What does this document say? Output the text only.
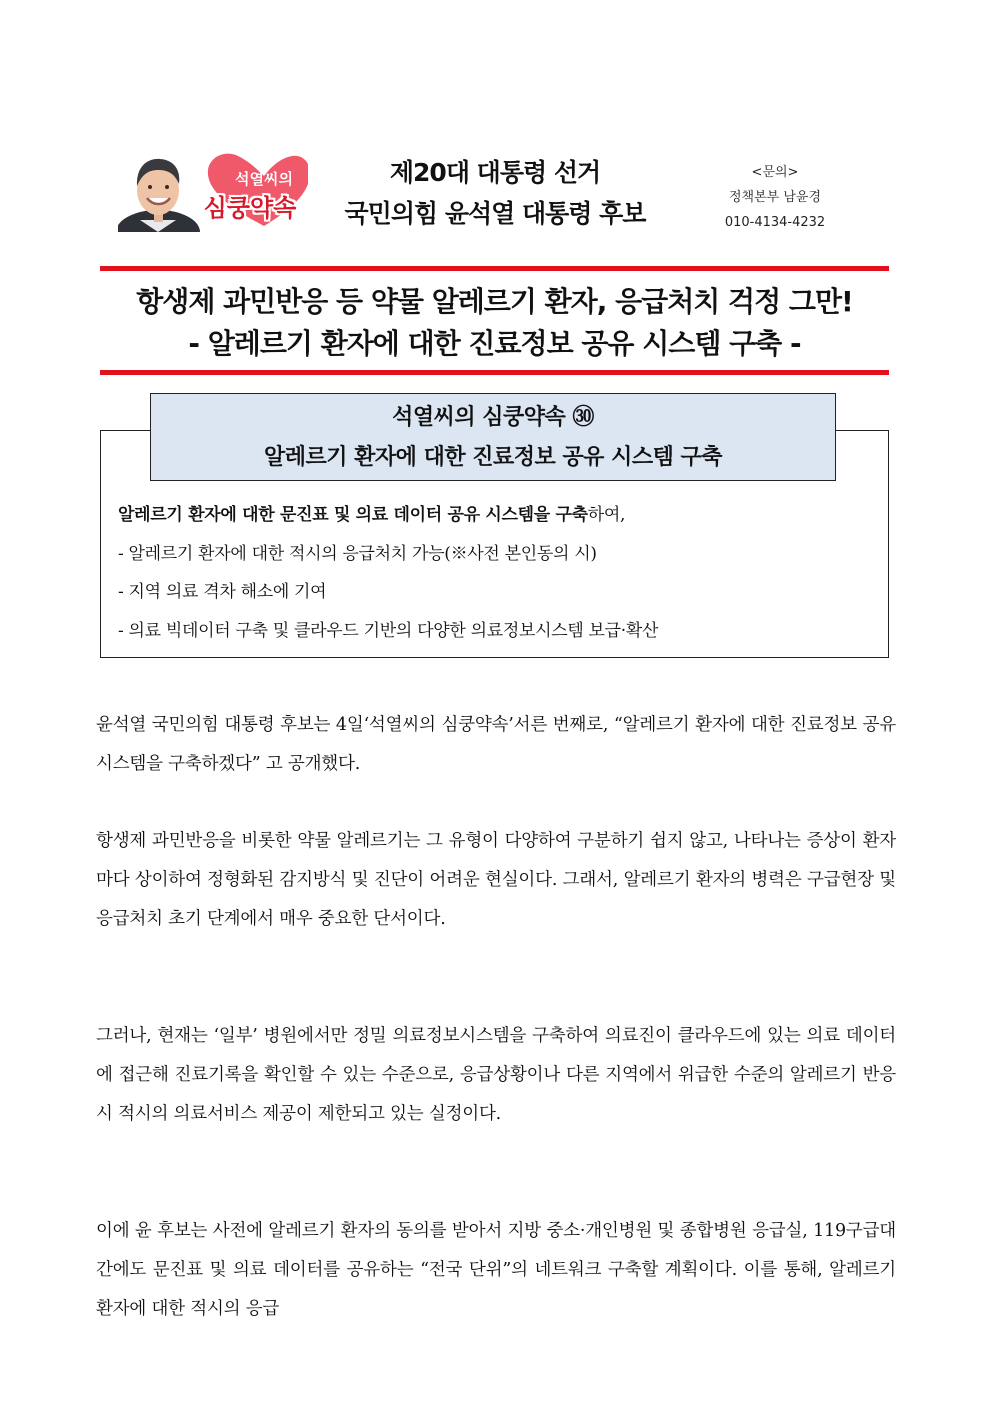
석열씨의
심쿵약속
제20대 대통령 선거
국민의힘 윤석열 대통령 후보
<문의>
정책본부 남윤경
010-4134-4232
항생제 과민반응 등 약물 알레르기 환자, 응급처치 걱정 그만!
- 알레르기 환자에 대한 진료정보 공유 시스템 구축 -
석열씨의 심쿵약속 ㉚
알레르기 환자에 대한 진료정보 공유 시스템 구축
알레르기 환자에 대한 문진표 및 의료 데이터 공유 시스템을 구축하여,
- 알레르기 환자에 대한 적시의 응급처치 가능(※사전 본인동의 시)
- 지역 의료 격차 해소에 기여
- 의료 빅데이터 구축 및 클라우드 기반의 다양한 의료정보시스템 보급·확산
윤석열 국민의힘 대통령 후보는 4일‘석열씨의 심쿵약속’서른 번째로, “알레르기 환자에 대한 진료정보 공유 시스템을 구축하겠다” 고 공개했다.
항생제 과민반응을 비롯한 약물 알레르기는 그 유형이 다양하여 구분하기 쉽지 않고, 나타나는 증상이 환자마다 상이하여 정형화된 감지방식 및 진단이 어려운 현실이다. 그래서, 알레르기 환자의 병력은 구급현장 및 응급처치 초기 단계에서 매우 중요한 단서이다.
그러나, 현재는 ‘일부’ 병원에서만 정밀 의료정보시스템을 구축하여 의료진이 클라우드에 있는 의료 데이터에 접근해 진료기록을 확인할 수 있는 수준으로, 응급상황이나 다른 지역에서 위급한 수준의 알레르기 반응 시 적시의 의료서비스 제공이 제한되고 있는 실정이다.
이에 윤 후보는 사전에 알레르기 환자의 동의를 받아서 지방 중소·개인병원 및 종합병원 응급실, 119구급대 간에도 문진표 및 의료 데이터를 공유하는 “전국 단위”의 네트워크 구축할 계획이다. 이를 통해, 알레르기 환자에 대한 적시의 응급
